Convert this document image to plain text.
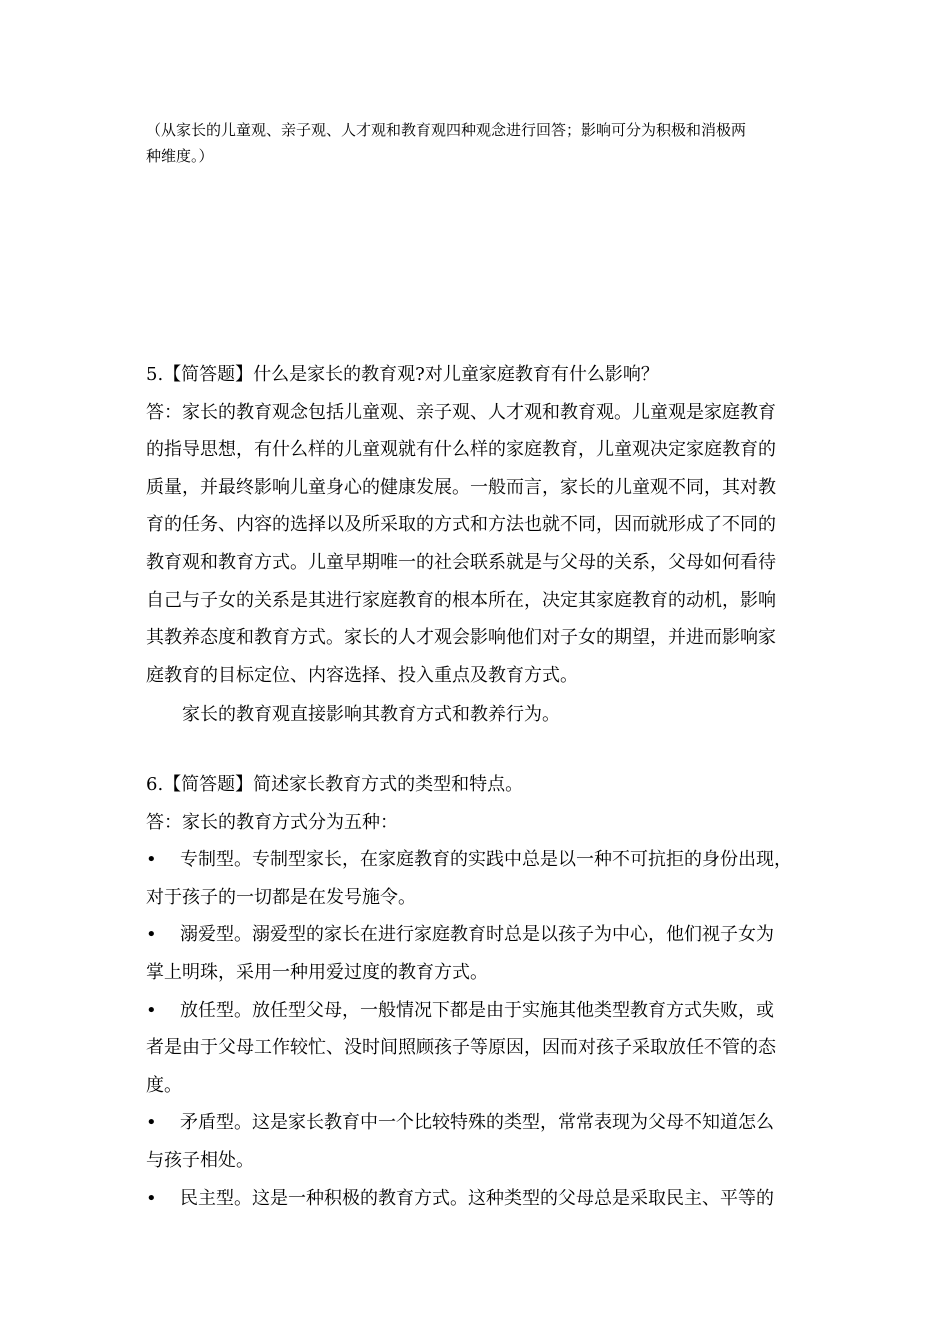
（从家长的儿童观、亲子观、人才观和教育观四种观念进行回答；影响可分为积极和消极两
种维度。）
5.【简答题】什么是家长的教育观?对儿童家庭教育有什么影响？
答：家长的教育观念包括儿童观、亲子观、人才观和教育观。儿童观是家庭教育
的指导思想，有什么样的儿童观就有什么样的家庭教育，儿童观决定家庭教育的
质量，并最终影响儿童身心的健康发展。一般而言，家长的儿童观不同，其对教
育的任务、内容的选择以及所采取的方式和方法也就不同，因而就形成了不同的
教育观和教育方式。儿童早期唯一的社会联系就是与父母的关系，父母如何看待
自己与子女的关系是其进行家庭教育的根本所在，决定其家庭教育的动机，影响
其教养态度和教育方式。家长的人才观会影响他们对子女的期望，并进而影响家
庭教育的目标定位、内容选择、投入重点及教育方式。
家长的教育观直接影响其教育方式和教养行为。
6.【简答题】简述家长教育方式的类型和特点。
答：家长的教育方式分为五种：
•	专制型。专制型家长，在家庭教育的实践中总是以一种不可抗拒的身份出现，
对于孩子的一切都是在发号施令。
•	溺爱型。溺爱型的家长在进行家庭教育时总是以孩子为中心，他们视子女为
掌上明珠，采用一种用爱过度的教育方式。
•	放任型。放任型父母，一般情况下都是由于实施其他类型教育方式失败，或
者是由于父母工作较忙、没时间照顾孩子等原因，因而对孩子采取放任不管的态
度。
•	矛盾型。这是家长教育中一个比较特殊的类型，常常表现为父母不知道怎么
与孩子相处。
•	民主型。这是一种积极的教育方式。这种类型的父母总是采取民主、平等的
